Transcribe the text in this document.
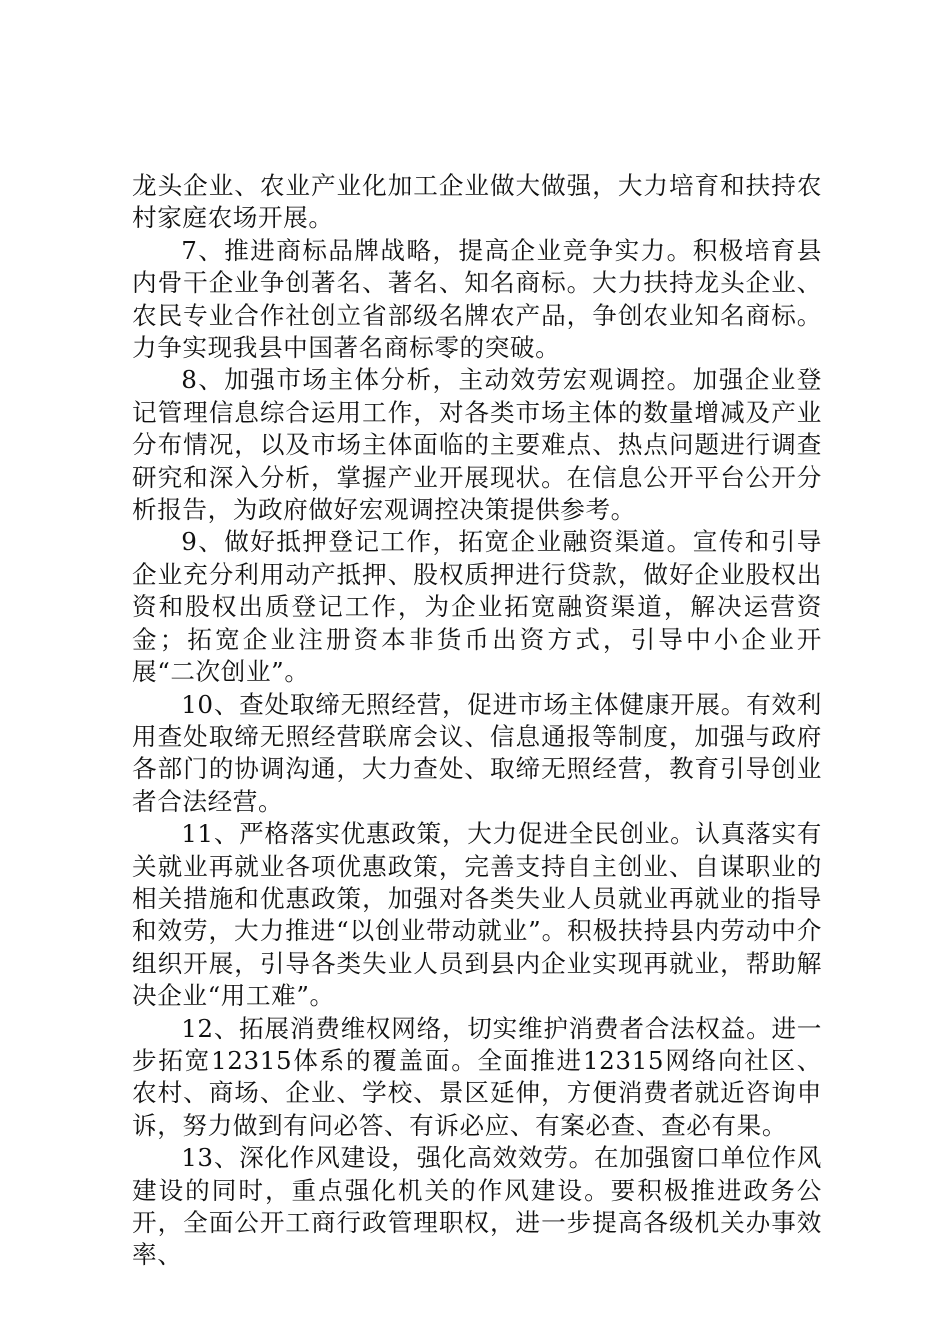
龙头企业、农业产业化加工企业做大做强，大力培育和扶持农村家庭农场开展。

7、推进商标品牌战略，提高企业竞争实力。积极培育县内骨干企业争创著名、著名、知名商标。大力扶持龙头企业、农民专业合作社创立省部级名牌农产品，争创农业知名商标。力争实现我县中国著名商标零的突破。

8、加强市场主体分析，主动效劳宏观调控。加强企业登记管理信息综合运用工作，对各类市场主体的数量增减及产业分布情况，以及市场主体面临的主要难点、热点问题进行调查研究和深入分析，掌握产业开展现状。在信息公开平台公开分析报告，为政府做好宏观调控决策提供参考。

9、做好抵押登记工作，拓宽企业融资渠道。宣传和引导企业充分利用动产抵押、股权质押进行贷款，做好企业股权出资和股权出质登记工作，为企业拓宽融资渠道，解决运营资金；拓宽企业注册资本非货币出资方式，引导中小企业开展“二次创业”。

10、查处取缔无照经营，促进市场主体健康开展。有效利用查处取缔无照经营联席会议、信息通报等制度，加强与政府各部门的协调沟通，大力查处、取缔无照经营，教育引导创业者合法经营。

11、严格落实优惠政策，大力促进全民创业。认真落实有关就业再就业各项优惠政策，完善支持自主创业、自谋职业的相关措施和优惠政策，加强对各类失业人员就业再就业的指导和效劳，大力推进“以创业带动就业”。积极扶持县内劳动中介组织开展，引导各类失业人员到县内企业实现再就业，帮助解决企业“用工难”。

12、拓展消费维权网络，切实维护消费者合法权益。进一步拓宽12315体系的覆盖面。全面推进12315网络向社区、农村、商场、企业、学校、景区延伸，方便消费者就近咨询申诉，努力做到有问必答、有诉必应、有案必查、查必有果。

13、深化作风建设，强化高效效劳。在加强窗口单位作风建设的同时，重点强化机关的作风建设。要积极推进政务公开，全面公开工商行政管理职权，进一步提高各级机关办事效率、
